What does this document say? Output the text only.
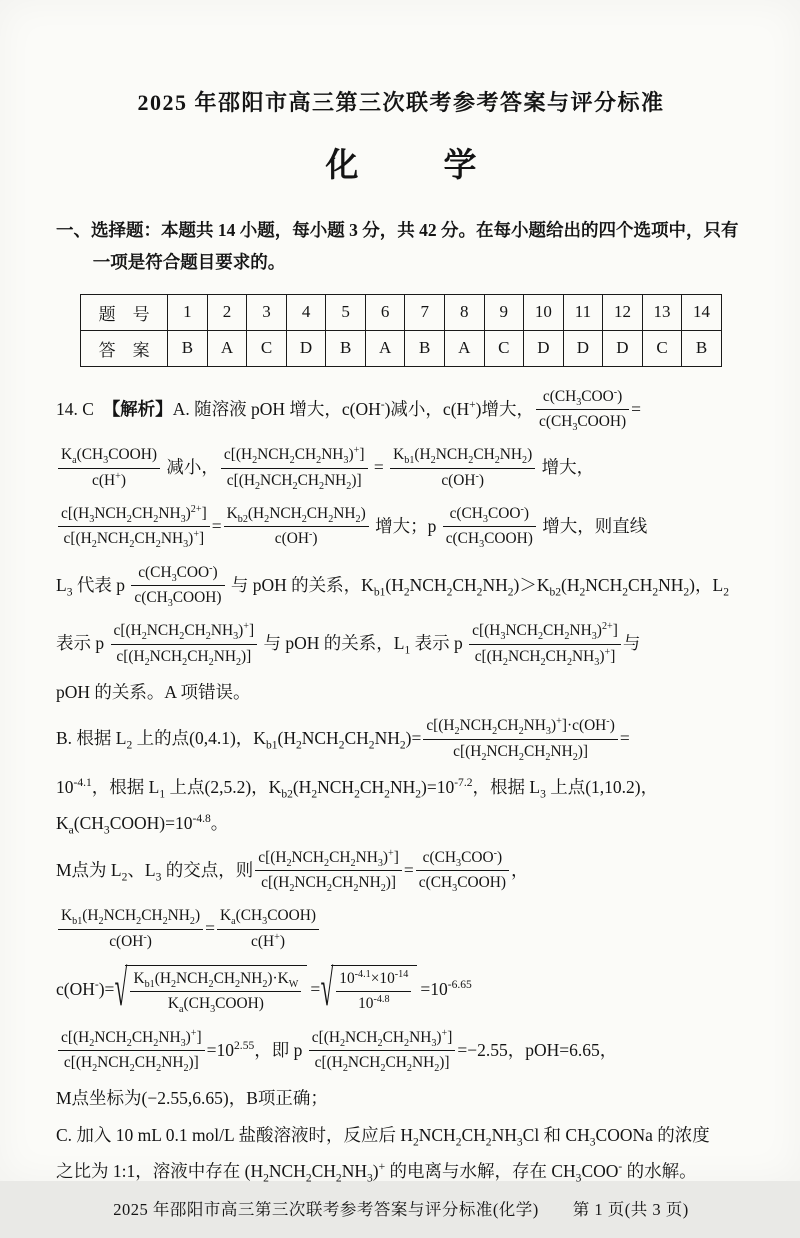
2025 年邵阳市高三第三次联考参考答案与评分标准
化　学
一、选择题：本题共 14 小题，每小题 3 分，共 42 分。在每小题给出的四个选项中，只有一项是符合题目要求的。
题　号	1	2	3	4	5	6	7	8	9	10	11	12	13	14
答　案	B	A	C	D	B	A	B	A	C	D	D	D	C	B
14. C　【解析】A. 随溶液 pOH 增大，c(OH-)减小，c(H+)增大， $\frac{c(CH_3COO^-)}{c(CH_3COOH)}$ =
$\frac{K_a(CH_3COOH)}{c(H^+)}$ 减小， $\frac{c[(H_2NCH_2CH_2NH_3)^+]}{c[(H_2NCH_2CH_2NH_2)]} = \frac{K_{b1}(H_2NCH_2CH_2NH_2)}{c(OH^-)}$ 增大，
$\frac{c[(H_3NCH_2CH_2NH_3)^{2+}]}{c[(H_2NCH_2CH_2NH_3)^+]} = \frac{K_{b2}(H_2NCH_2CH_2NH_2)}{c(OH^-)}$ 增大；p $\frac{c(CH_3COO^-)}{c(CH_3COOH)}$ 增大，则直线
$L_3$ 代表 p $\frac{c(CH_3COO^-)}{c(CH_3COOH)}$ 与 pOH 的关系，$K_{b1}(H_2NCH_2CH_2NH_2)>K_{b2}(H_2NCH_2CH_2NH_2)$，$L_2$
表示 p $\frac{c[(H_2NCH_2CH_2NH_3)^+]}{c[(H_2NCH_2CH_2NH_2)]}$ 与 pOH 的关系，$L_1$ 表示 p $\frac{c[(H_3NCH_2CH_2NH_3)^{2+}]}{c[(H_2NCH_2CH_2NH_3)^+]}$ 与
pOH 的关系。A 项错误。
B. 根据 $L_2$ 上的点(0,4.1)，$K_{b1}(H_2NCH_2CH_2NH_2)= \frac{c[(H_2NCH_2CH_2NH_3)^+]\cdot c(OH^-)}{c[(H_2NCH_2CH_2NH_2)]}$ =
$10^{-4.1}$，根据 $L_1$ 上点(2,5.2)，$K_{b2}(H_2NCH_2CH_2NH_2)=10^{-7.2}$，根据 $L_3$ 上点(1,10.2)，
$K_a(CH_3COOH)=10^{-4.8}$。
M点为 $L_2$、$L_3$ 的交点，则 $\frac{c[(H_2NCH_2CH_2NH_3)^+]}{c[(H_2NCH_2CH_2NH_2)]} = \frac{c(CH_3COO^-)}{c(CH_3COOH)}$ ，
$\frac{K_{b1}(H_2NCH_2CH_2NH_2)}{c(OH^-)} = \frac{K_a(CH_3COOH)}{c(H^+)}$
c(OH-)= √ $\frac{K_{b1}(H_2NCH_2CH_2NH_2)\cdot K_W}{K_a(CH_3COOH)}$ = √ $\frac{10^{-4.1}\times 10^{-14}}{10^{-4.8}} =10^{-6.65}$
$\frac{c[(H_2NCH_2CH_2NH_3)^+]}{c[(H_2NCH_2CH_2NH_2)]} =10^{2.55}$，即 p $\frac{c[(H_2NCH_2CH_2NH_3)^+]}{c[(H_2NCH_2CH_2NH_2)]} =-2.55$，pOH=6.65，
M点坐标为(−2.55,6.65)，B项正确；
C. 加入 10 mL 0.1 mol/L 盐酸溶液时，反应后 $H_2NCH_2CH_2NH_3Cl$ 和 $CH_3COONa$ 的浓度
之比为 1:1，溶液中存在 $(H_2NCH_2CH_2NH_3)^+$ 的电离与水解，存在 $CH_3COO^-$ 的水解。
2025 年邵阳市高三第三次联考参考答案与评分标准(化学)　　第 1 页(共 3 页)
